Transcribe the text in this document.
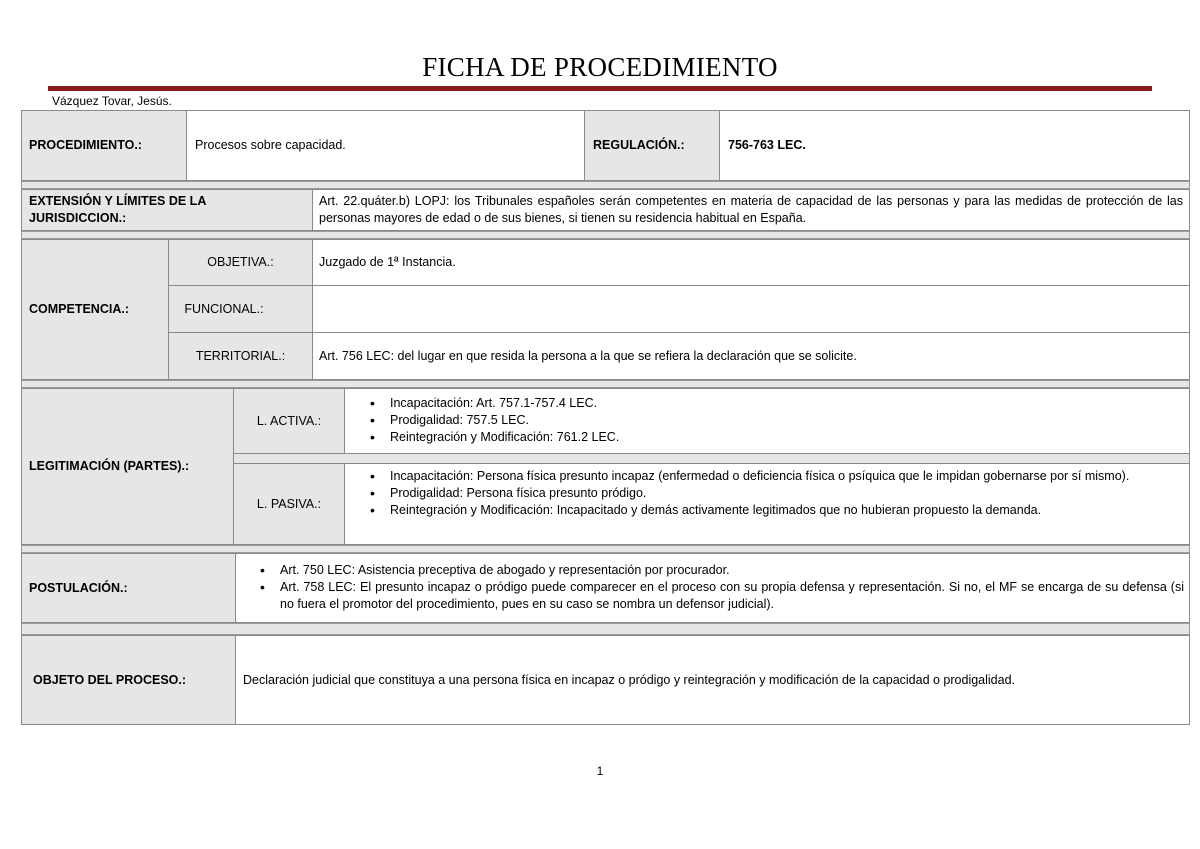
FICHA DE PROCEDIMIENTO
Vázquez Tovar, Jesús.
PROCEDIMIENTO.:	Procesos sobre capacidad.	REGULACIÓN.:	756-763 LEC.
EXTENSIÓN Y LÍMITES DE LA JURISDICCION.:
Art. 22.quáter.b) LOPJ: los Tribunales españoles serán competentes en materia de capacidad de las personas y para las medidas de protección de las personas mayores de edad o de sus bienes, si tienen su residencia habitual en España.
COMPETENCIA.:
OBJETIVA.:	Juzgado de 1ª Instancia.
FUNCIONAL.:
TERRITORIAL.:	Art. 756 LEC: del lugar en que resida la persona a la que se refiera la declaración que se solicite.
LEGITIMACIÓN (PARTES).:
L. ACTIVA.:
• Incapacitación: Art. 757.1-757.4 LEC.
• Prodigalidad: 757.5 LEC.
• Reintegración y Modificación: 761.2 LEC.
L. PASIVA.:
• Incapacitación: Persona física presunto incapaz (enfermedad o deficiencia física o psíquica que le impidan gobernarse por sí mismo).
• Prodigalidad: Persona física presunto pródigo.
• Reintegración y Modificación: Incapacitado y demás activamente legitimados que no hubieran propuesto la demanda.
POSTULACIÓN.:
• Art. 750 LEC: Asistencia preceptiva de abogado y representación por procurador.
• Art. 758 LEC: El presunto incapaz o pródigo puede comparecer en el proceso con su propia defensa y representación. Si no, el MF se encarga de su defensa (si no fuera el promotor del procedimiento, pues en su caso se nombra un defensor judicial).
OBJETO DEL PROCESO.:	Declaración judicial que constituya a una persona física en incapaz o pródigo y reintegración y modificación de la capacidad o prodigalidad.
1
